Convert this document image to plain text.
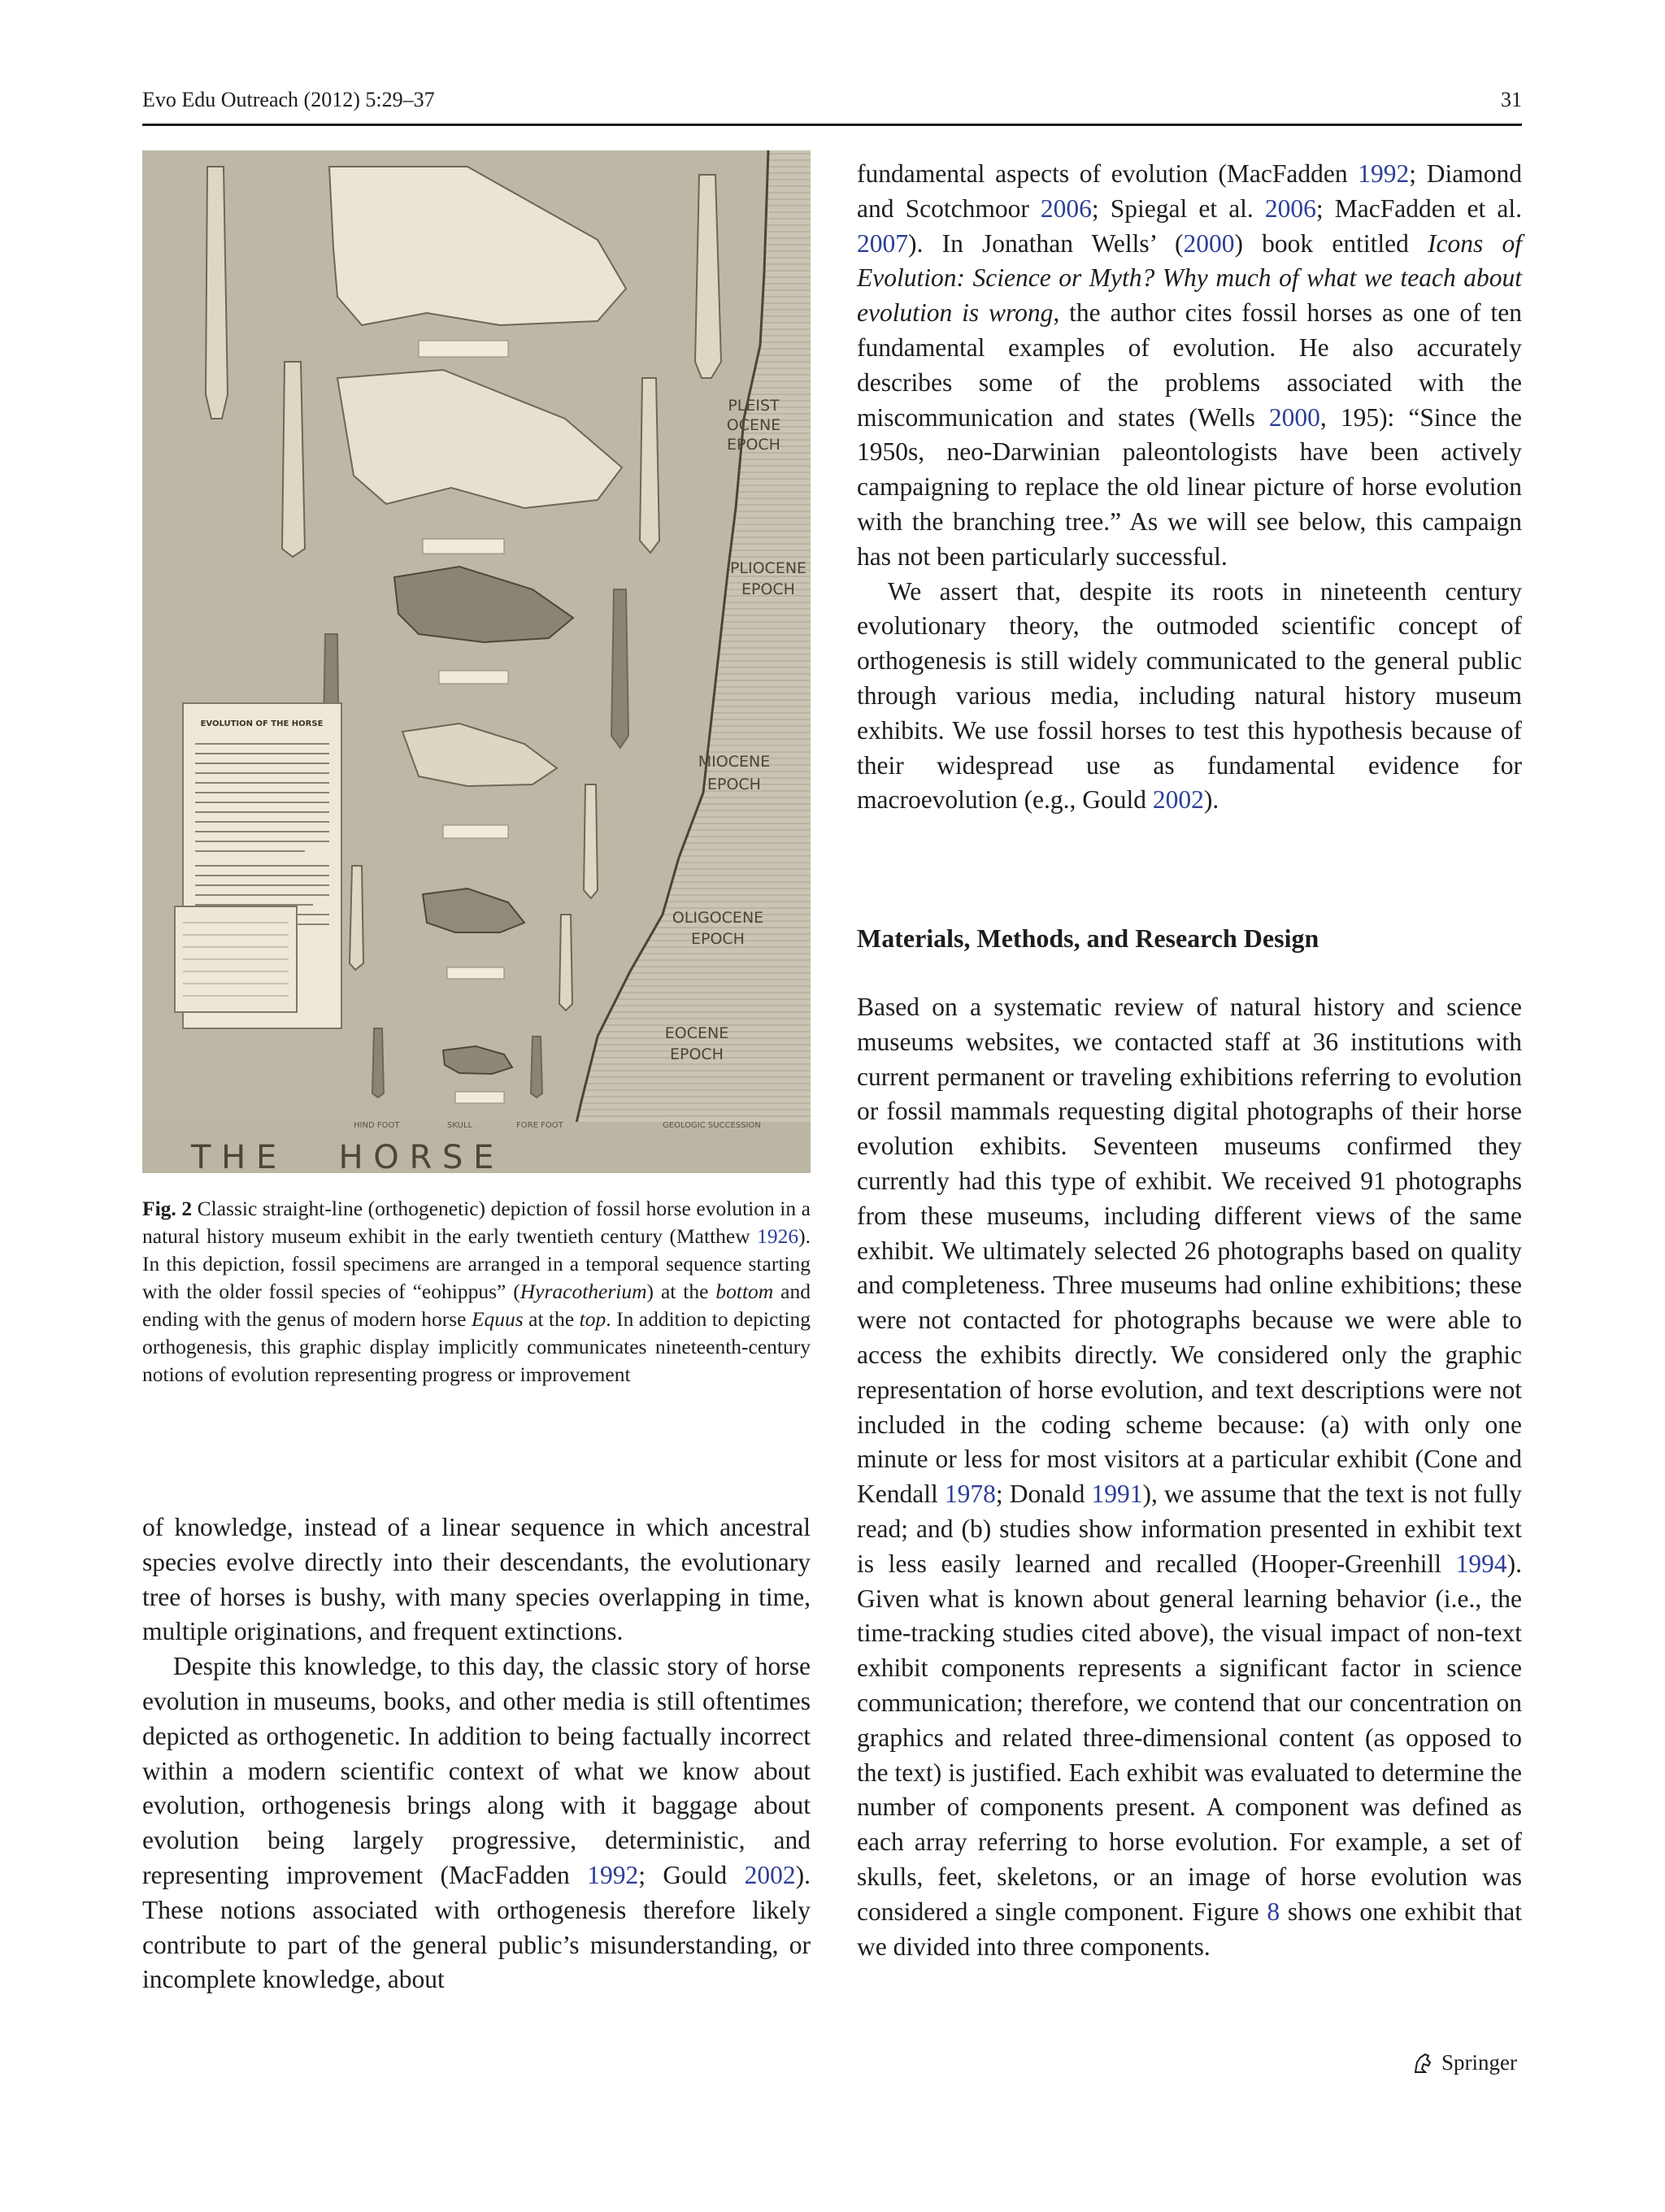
Evo Edu Outreach (2012) 5:29–37	31
PLEIST
OCENE
EPOCH
PLIOCENE
EPOCH
MIOCENE
EPOCH
OLIGOCENE
EPOCH
EOCENE
EPOCH
EVOLUTION OF THE HORSE
HIND FOOT	SKULL	FORE FOOT	GEOLOGIC SUCCESSION
T H E      H O R S E
Fig. 2 Classic straight-line (orthogenetic) depiction of fossil horse evolution in a natural history museum exhibit in the early twentieth century (Matthew 1926). In this depiction, fossil specimens are arranged in a temporal sequence starting with the older fossil species of “eohippus” (Hyracotherium) at the bottom and ending with the genus of modern horse Equus at the top. In addition to depicting orthogenesis, this graphic display implicitly communicates nineteenth-century notions of evolution representing progress or improvement

of knowledge, instead of a linear sequence in which ancestral species evolve directly into their descendants, the evolutionary tree of horses is bushy, with many species overlapping in time, multiple originations, and frequent extinctions.

Despite this knowledge, to this day, the classic story of horse evolution in museums, books, and other media is still oftentimes depicted as orthogenetic. In addition to being factually incorrect within a modern scientific context of what we know about evolution, orthogenesis brings along with it baggage about evolution being largely progressive, deterministic, and representing improvement (MacFadden 1992; Gould 2002). These notions associated with orthogenesis therefore likely contribute to part of the general public’s misunderstanding, or incomplete knowledge, about

fundamental aspects of evolution (MacFadden 1992; Diamond and Scotchmoor 2006; Spiegal et al. 2006; MacFadden et al. 2007). In Jonathan Wells’ (2000) book entitled Icons of Evolution: Science or Myth? Why much of what we teach about evolution is wrong, the author cites fossil horses as one of ten fundamental examples of evolution. He also accurately describes some of the problems associated with the miscommunication and states (Wells 2000, 195): “Since the 1950s, neo-Darwinian paleontologists have been actively campaigning to replace the old linear picture of horse evolution with the branching tree.” As we will see below, this campaign has not been particularly successful.

We assert that, despite its roots in nineteenth century evolutionary theory, the outmoded scientific concept of orthogenesis is still widely communicated to the general public through various media, including natural history museum exhibits. We use fossil horses to test this hypothesis because of their widespread use as fundamental evidence for macroevolution (e.g., Gould 2002).

Materials, Methods, and Research Design

Based on a systematic review of natural history and science museums websites, we contacted staff at 36 institutions with current permanent or traveling exhibitions referring to evolution or fossil mammals requesting digital photographs of their horse evolution exhibits. Seventeen museums confirmed they currently had this type of exhibit. We received 91 photographs from these museums, including different views of the same exhibit. We ultimately selected 26 photographs based on quality and completeness. Three museums had online exhibitions; these were not contacted for photographs because we were able to access the exhibits directly. We considered only the graphic representation of horse evolution, and text descriptions were not included in the coding scheme because: (a) with only one minute or less for most visitors at a particular exhibit (Cone and Kendall 1978; Donald 1991), we assume that the text is not fully read; and (b) studies show information presented in exhibit text is less easily learned and recalled (Hooper-Greenhill 1994). Given what is known about general learning behavior (i.e., the time-tracking studies cited above), the visual impact of non-text exhibit components represents a significant factor in science communication; therefore, we contend that our concentration on graphics and related three-dimensional content (as opposed to the text) is justified. Each exhibit was evaluated to determine the number of components present. A component was defined as each array referring to horse evolution. For example, a set of skulls, feet, skeletons, or an image of horse evolution was considered a single component. Figure 8 shows one exhibit that we divided into three components.

Springer
